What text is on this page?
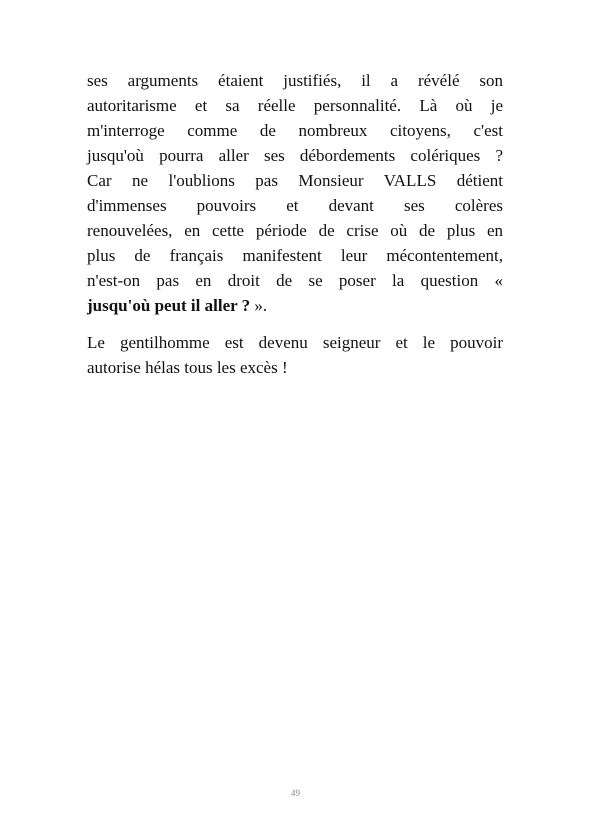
ses arguments étaient justifiés, il a révélé son
autoritarisme et sa réelle personnalité. Là où je
m'interroge comme de nombreux citoyens, c'est
jusqu'où pourra aller ses débordements colériques ?
Car ne l'oublions pas Monsieur VALLS détient
d'immenses pouvoirs et devant ses colères
renouvelées, en cette période de crise où de plus en
plus de français manifestent leur mécontentement,
n'est-on pas en droit de se poser la question «
jusqu'où peut il aller ? ».
Le gentilhomme est devenu seigneur et le pouvoir
autorise hélas tous les excès !
49
